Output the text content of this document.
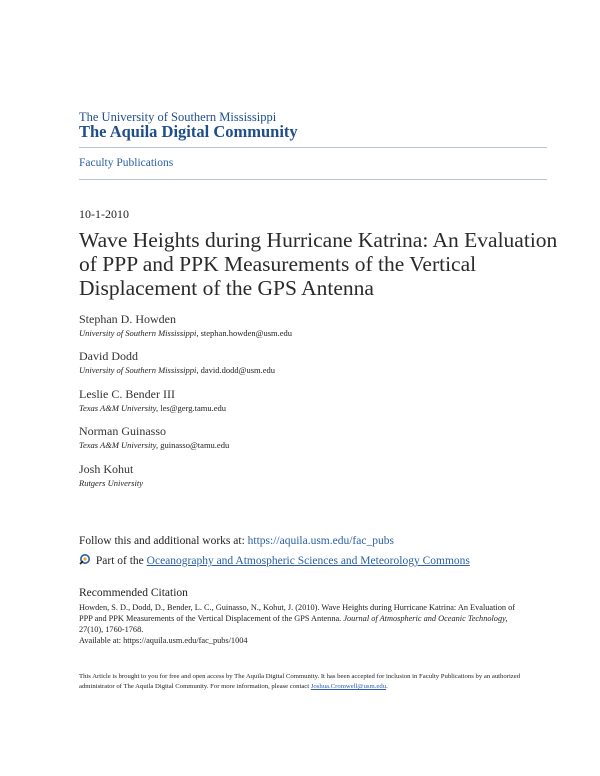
The University of Southern Mississippi
The Aquila Digital Community
Faculty Publications
10-1-2010
Wave Heights during Hurricane Katrina: An Evaluation of PPP and PPK Measurements of the Vertical Displacement of the GPS Antenna
Stephan D. Howden
University of Southern Mississippi, stephan.howden@usm.edu
David Dodd
University of Southern Mississippi, david.dodd@usm.edu
Leslie C. Bender III
Texas A&M University, les@gerg.tamu.edu
Norman Guinasso
Texas A&M University, guinasso@tamu.edu
Josh Kohut
Rutgers University
Follow this and additional works at: https://aquila.usm.edu/fac_pubs
Part of the Oceanography and Atmospheric Sciences and Meteorology Commons
Recommended Citation
Howden, S. D., Dodd, D., Bender, L. C., Guinasso, N., Kohut, J. (2010). Wave Heights during Hurricane Katrina: An Evaluation of PPP and PPK Measurements of the Vertical Displacement of the GPS Antenna. Journal of Atmospheric and Oceanic Technology, 27(10), 1760-1768.
Available at: https://aquila.usm.edu/fac_pubs/1004
This Article is brought to you for free and open access by The Aquila Digital Community. It has been accepted for inclusion in Faculty Publications by an authorized administrator of The Aquila Digital Community. For more information, please contact Joshua.Cromwell@usm.edu.
